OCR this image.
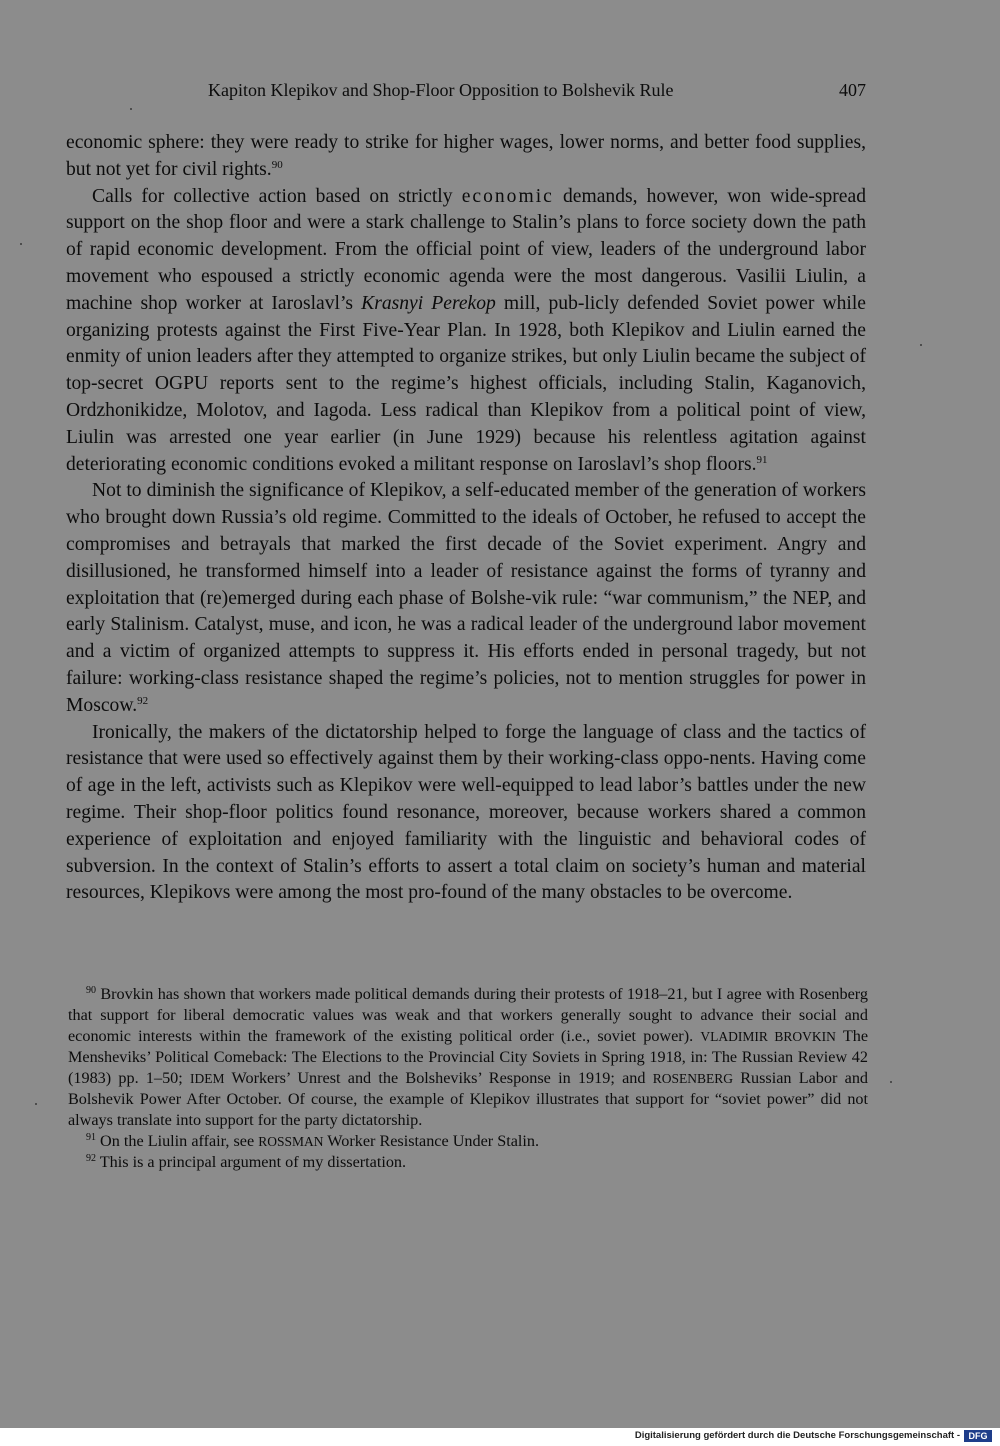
Kapiton Klepikov and Shop-Floor Opposition to Bolshevik Rule	407

economic sphere: they were ready to strike for higher wages, lower norms, and better food supplies, but not yet for civil rights.$^{90}$

Calls for collective action based on strictly economic demands, however, won wide-spread support on the shop floor and were a stark challenge to Stalin’s plans to force society down the path of rapid economic development. From the official point of view, leaders of the underground labor movement who espoused a strictly economic agenda were the most dangerous. Vasilii Liulin, a machine shop worker at Iaroslavl’s Krasnyi Perekop mill, pub-licly defended Soviet power while organizing protests against the First Five-Year Plan. In 1928, both Klepikov and Liulin earned the enmity of union leaders after they attempted to organize strikes, but only Liulin became the subject of top-secret OGPU reports sent to the regime’s highest officials, including Stalin, Kaganovich, Ordzhonikidze, Molotov, and Iagoda. Less radical than Klepikov from a political point of view, Liulin was arrested one year earlier (in June 1929) because his relentless agitation against deteriorating economic conditions evoked a militant response on Iaroslavl’s shop floors.$^{91}$

Not to diminish the significance of Klepikov, a self-educated member of the generation of workers who brought down Russia’s old regime. Committed to the ideals of October, he refused to accept the compromises and betrayals that marked the first decade of the Soviet experiment. Angry and disillusioned, he transformed himself into a leader of resistance against the forms of tyranny and exploitation that (re)emerged during each phase of Bolshe-vik rule: “war communism,” the NEP, and early Stalinism. Catalyst, muse, and icon, he was a radical leader of the underground labor movement and a victim of organized attempts to suppress it. His efforts ended in personal tragedy, but not failure: working-class resistance shaped the regime’s policies, not to mention struggles for power in Moscow.$^{92}$

Ironically, the makers of the dictatorship helped to forge the language of class and the tactics of resistance that were used so effectively against them by their working-class oppo-nents. Having come of age in the left, activists such as Klepikov were well-equipped to lead labor’s battles under the new regime. Their shop-floor politics found resonance, moreover, because workers shared a common experience of exploitation and enjoyed familiarity with the linguistic and behavioral codes of subversion. In the context of Stalin’s efforts to assert a total claim on society’s human and material resources, Klepikovs were among the most pro-found of the many obstacles to be overcome.

$^{90}$ Brovkin has shown that workers made political demands during their protests of 1918–21, but I agree with Rosenberg that support for liberal democratic values was weak and that workers generally sought to advance their social and economic interests within the framework of the existing political order (i.e., soviet power). VLADIMIR BROVKIN The Mensheviks’ Political Comeback: The Elections to the Provincial City Soviets in Spring 1918, in: The Russian Review 42 (1983) pp. 1–50; IDEM Workers’ Unrest and the Bolsheviks’ Response in 1919; and ROSENBERG Russian Labor and Bolshevik Power After October. Of course, the example of Klepikov illustrates that support for “soviet power” did not always translate into support for the party dictatorship.

$^{91}$ On the Liulin affair, see ROSSMAN Worker Resistance Under Stalin.

$^{92}$ This is a principal argument of my dissertation.

Digitalisierung gefördert durch die Deutsche Forschungsgemeinschaft - DFG
